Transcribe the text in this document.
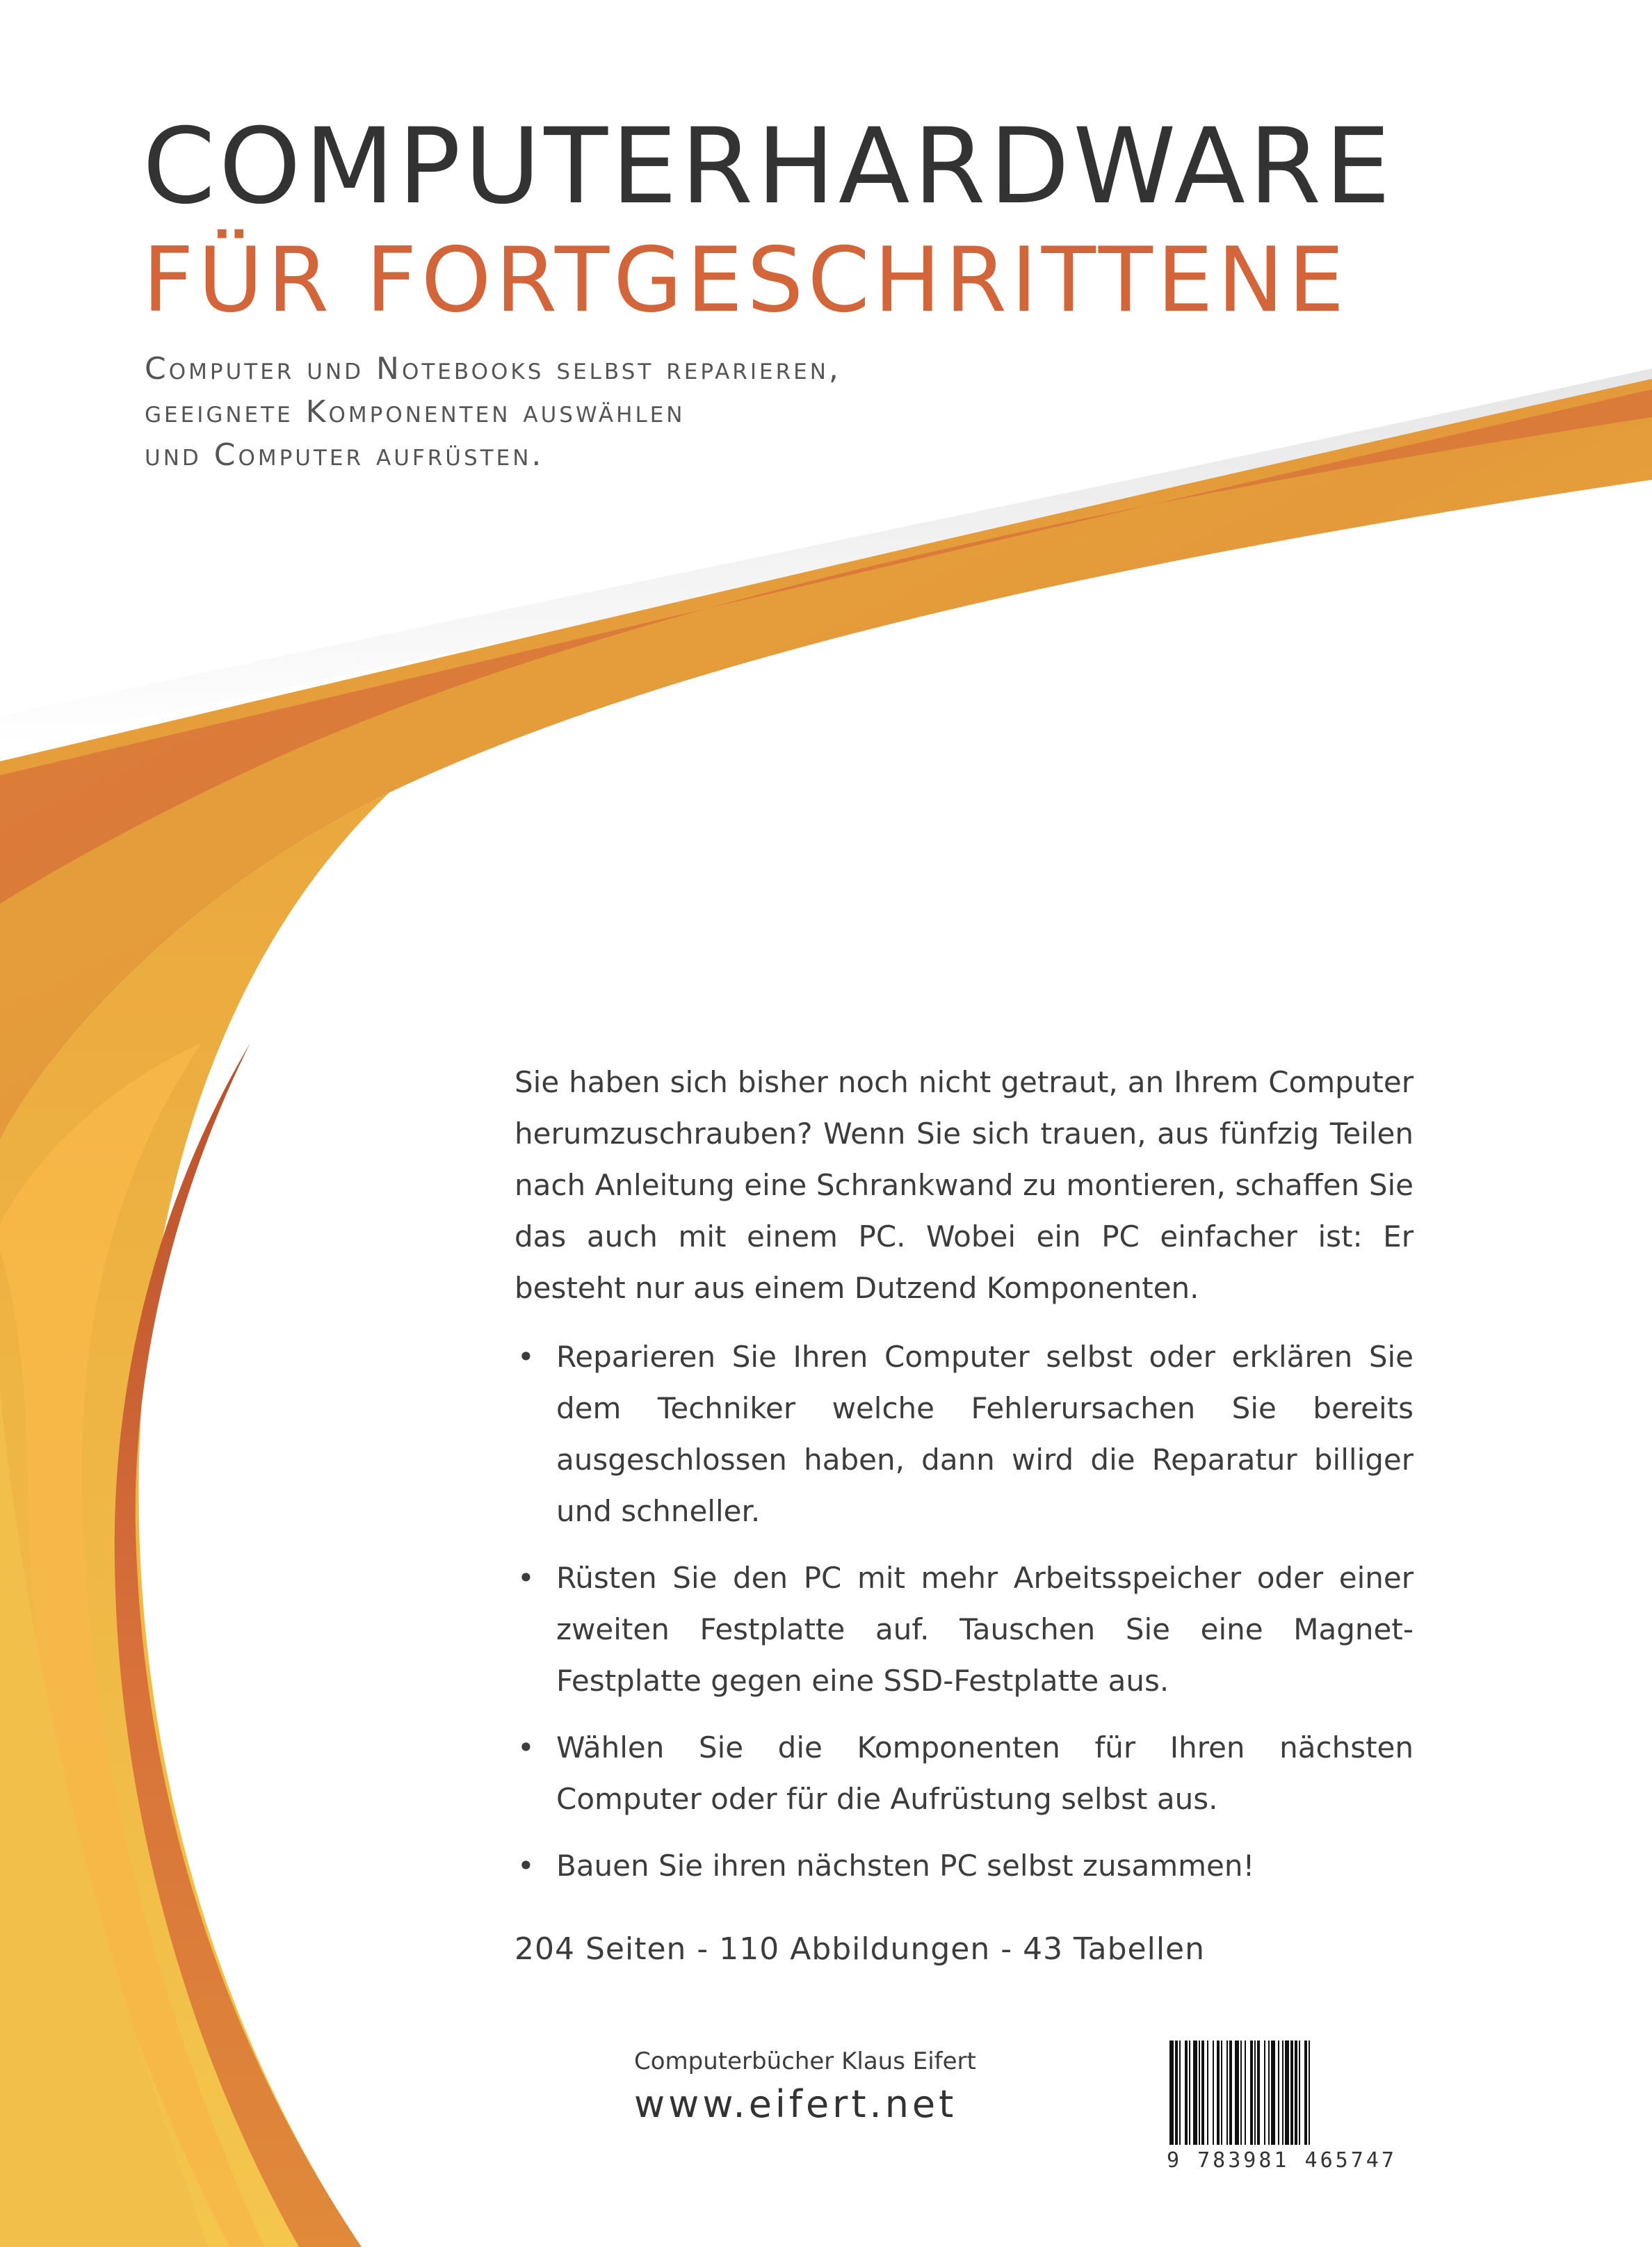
COMPUTERHARDWARE
FÜR FORTGESCHRITTENE
Computer und Notebooks selbst reparieren,
geeignete Komponenten auswählen
und Computer aufrüsten.

Sie haben sich bisher noch nicht getraut, an Ihrem Computer herumzuschrauben? Wenn Sie sich trauen, aus fünfzig Teilen nach Anleitung eine Schrankwand zu montieren, schaffen Sie das auch mit einem PC. Wobei ein PC einfacher ist: Er besteht nur aus einem Dutzend Komponenten.

• Reparieren Sie Ihren Computer selbst oder erklären Sie dem Techniker welche Fehlerursachen Sie bereits ausgeschlossen haben, dann wird die Reparatur billiger und schneller.
• Rüsten Sie den PC mit mehr Arbeitsspeicher oder einer zweiten Festplatte auf. Tauschen Sie eine Magnet-Festplatte gegen eine SSD-Festplatte aus.
• Wählen Sie die Komponenten für Ihren nächsten Computer oder für die Aufrüstung selbst aus.
• Bauen Sie ihren nächsten PC selbst zusammen!
204 Seiten - 110 Abbildungen - 43 Tabellen
Computerbücher Klaus Eifert
www.eifert.net
9 783981 465747
